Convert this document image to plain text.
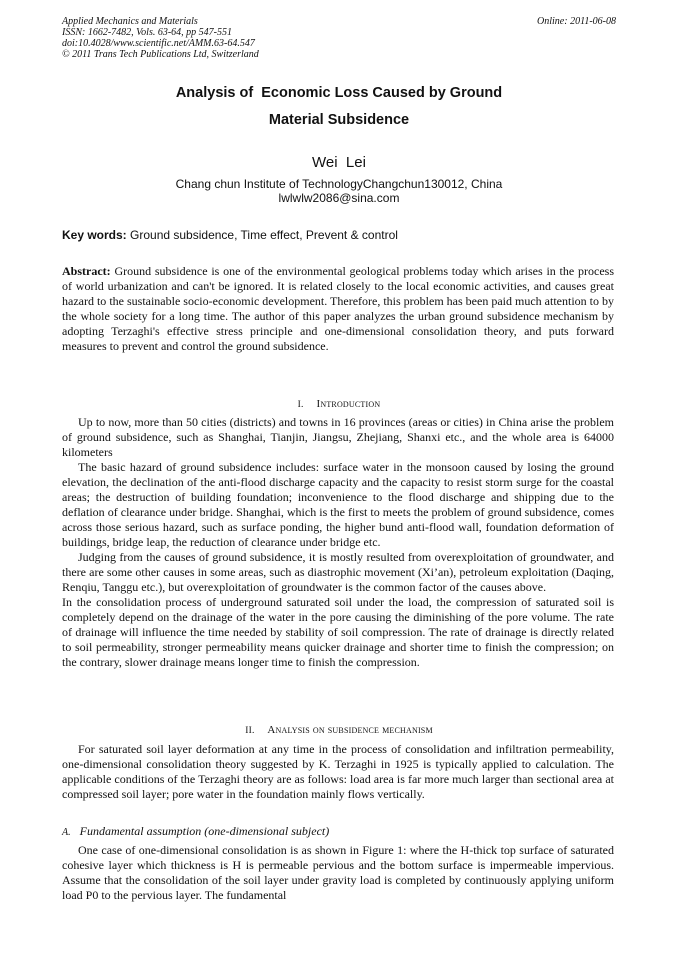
Applied Mechanics and Materials
ISSN: 1662-7482, Vols. 63-64, pp 547-551
doi:10.4028/www.scientific.net/AMM.63-64.547
© 2011 Trans Tech Publications Ltd, Switzerland
Online: 2011-06-08
Analysis of  Economic Loss Caused by Ground
Material Subsidence
Wei  Lei
Chang chun Institute of TechnologyChangchun130012, China
lwlwlw2086@sina.com
Key words: Ground subsidence, Time effect, Prevent & control

Abstract: Ground subsidence is one of the environmental geological problems today which arises in the process of world urbanization and can't be ignored. It is related closely to the local economic activities, and causes great hazard to the sustainable socio-economic development. Therefore, this problem has been paid much attention to by the whole society for a long time. The author of this paper analyzes the urban ground subsidence mechanism by adopting Terzaghi's effective stress principle and one-dimensional consolidation theory, and puts forward measures to prevent and control the ground subsidence.

I. Introduction

Up to now, more than 50 cities (districts) and towns in 16 provinces (areas or cities) in China arise the problem of ground subsidence, such as Shanghai, Tianjin, Jiangsu, Zhejiang, Shanxi etc., and the whole area is 64000 kilometers

The basic hazard of ground subsidence includes: surface water in the monsoon caused by losing the ground elevation, the declination of the anti-flood discharge capacity and the capacity to resist storm surge for the coastal areas; the destruction of building foundation; inconvenience to the flood discharge and shipping due to the deflation of clearance under bridge. Shanghai, which is the first to meets the problem of ground subsidence, comes across those serious hazard, such as surface ponding, the higher bund anti-flood wall, foundation deformation of buildings, bridge leap, the reduction of clearance under bridge etc.

Judging from the causes of ground subsidence, it is mostly resulted from overexploitation of groundwater, and there are some other causes in some areas, such as diastrophic movement (Xi’an), petroleum exploitation (Daqing, Renqiu, Tanggu etc.), but overexploitation of groundwater is the common factor of the causes above.

In the consolidation process of underground saturated soil under the load, the compression of saturated soil is completely depend on the drainage of the water in the pore causing the diminishing of the pore volume. The rate of drainage will influence the time needed by stability of soil compression. The rate of drainage is directly related to soil permeability, stronger permeability means quicker drainage and shorter time to finish the compression; on the contrary, slower drainage means longer time to finish the compression.

II. Analysis on subsidence mechanism

For saturated soil layer deformation at any time in the process of consolidation and infiltration permeability, one-dimensional consolidation theory suggested by K. Terzaghi in 1925 is typically applied to calculation. The applicable conditions of the Terzaghi theory are as follows: load area is far more much larger than sectional area at compressed soil layer; pore water in the foundation mainly flows vertically.

A. Fundamental assumption (one-dimensional subject)

One case of one-dimensional consolidation is as shown in Figure 1: where the H-thick top surface of saturated cohesive layer which thickness is H is permeable pervious and the bottom surface is impermeable impervious. Assume that the consolidation of the soil layer under gravity load is completed by continuously applying uniform load P0 to the pervious layer. The fundamental
